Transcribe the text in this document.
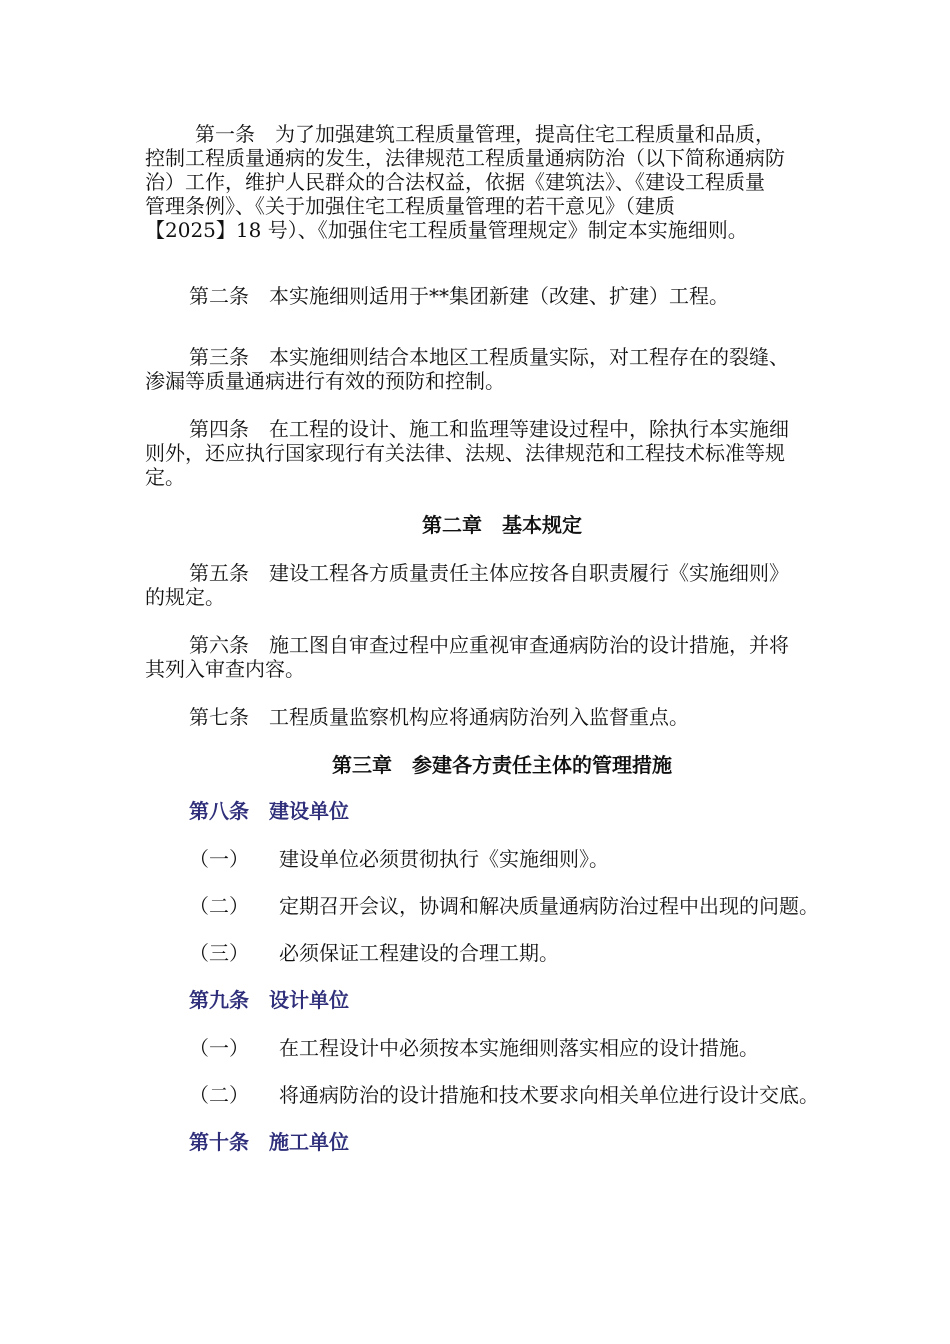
第一条　为了加强建筑工程质量管理，提高住宅工程质量和品质，
控制工程质量通病的发生，法律规范工程质量通病防治（以下简称通病防
治）工作，维护人民群众的合法权益，依据《建筑法》、《建设工程质量
管理条例》、《关于加强住宅工程质量管理的若干意见》（建质
【2025】18 号）、《加强住宅工程质量管理规定》制定本实施细则。
第二条　本实施细则适用于**集团新建（改建、扩建）工程。
第三条　本实施细则结合本地区工程质量实际，对工程存在的裂缝、
渗漏等质量通病进行有效的预防和控制。
第四条　在工程的设计、施工和监理等建设过程中，除执行本实施细
则外，还应执行国家现行有关法律、法规、法律规范和工程技术标准等规
定。
第二章　基本规定
第五条　建设工程各方质量责任主体应按各自职责履行《实施细则》
的规定。
第六条　施工图自审查过程中应重视审查通病防治的设计措施，并将
其列入审查内容。
第七条　工程质量监察机构应将通病防治列入监督重点。
第三章　参建各方责任主体的管理措施
第八条　建设单位
（一） 建设单位必须贯彻执行《实施细则》。
（二） 定期召开会议，协调和解决质量通病防治过程中出现的问题。
（三） 必须保证工程建设的合理工期。
第九条　设计单位
（一） 在工程设计中必须按本实施细则落实相应的设计措施。
（二） 将通病防治的设计措施和技术要求向相关单位进行设计交底。
第十条　施工单位
